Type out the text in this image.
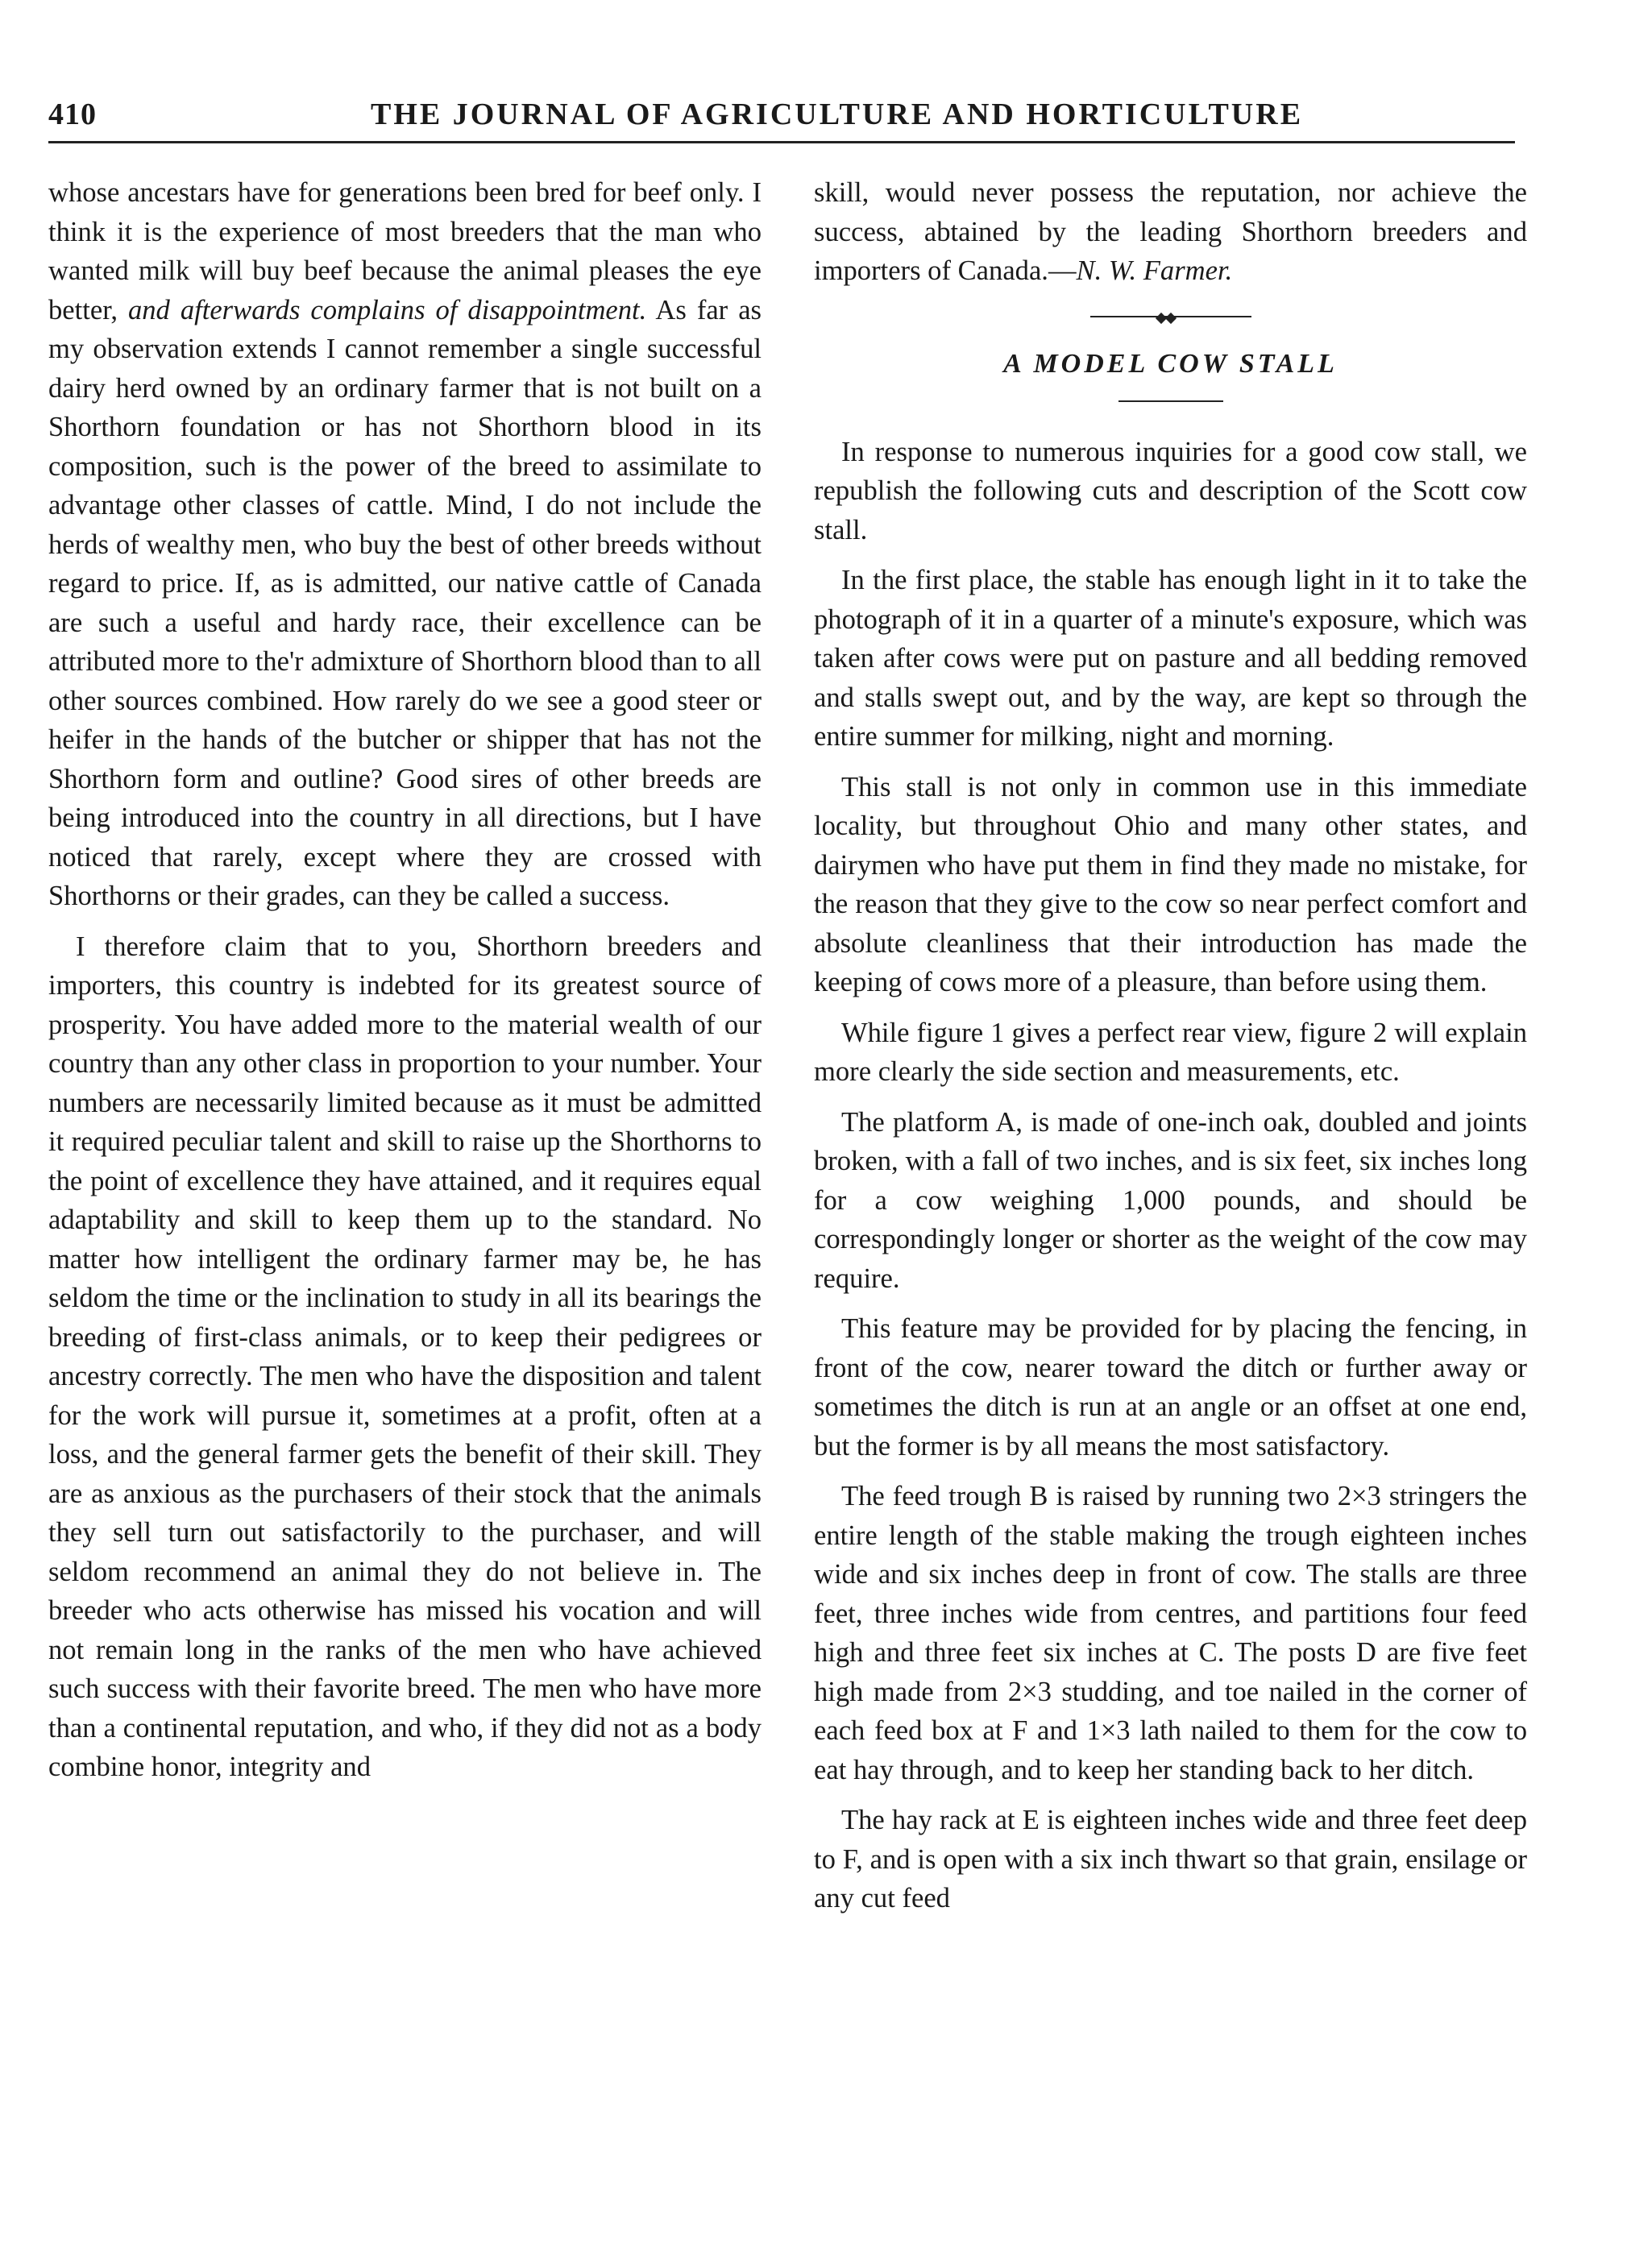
410	THE JOURNAL OF AGRICULTURE AND HORTICULTURE

whose ancestars have for generations been bred for beef only. I think it is the experience of most breeders that the man who wanted milk will buy beef because the animal pleases the eye better, and afterwards complains of disappointment. As far as my observation extends I cannot remember a single successful dairy herd owned by an ordinary farmer that is not built on a Shorthorn foundation or has not Shorthorn blood in its composition, such is the power of the breed to assimilate to advantage other classes of cattle. Mind, I do not include the herds of wealthy men, who buy the best of other breeds without regard to price. If, as is admitted, our native cattle of Canada are such a useful and hardy race, their excellence can be attributed more to the'r admixture of Shorthorn blood than to all other sources combined. How rarely do we see a good steer or heifer in the hands of the butcher or shipper that has not the Shorthorn form and outline? Good sires of other breeds are being introduced into the country in all directions, but I have noticed that rarely, except where they are crossed with Shorthorns or their grades, can they be called a success.

I therefore claim that to you, Shorthorn breeders and importers, this country is indebted for its greatest source of prosperity. You have added more to the material wealth of our country than any other class in proportion to your number. Your numbers are necessarily limited because as it must be admitted it required peculiar talent and skill to raise up the Shorthorns to the point of excellence they have attained, and it requires equal adaptability and skill to keep them up to the standard. No matter how intelligent the ordinary farmer may be, he has seldom the time or the inclination to study in all its bearings the breeding of first-class animals, or to keep their pedigrees or ancestry correctly. The men who have the disposition and talent for the work will pursue it, sometimes at a profit, often at a loss, and the general farmer gets the benefit of their skill. They are as anxious as the purchasers of their stock that the animals they sell turn out satisfactorily to the purchaser, and will seldom recommend an animal they do not believe in. The breeder who acts otherwise has missed his vocation and will not remain long in the ranks of the men who have achieved such success with their favorite breed. The men who have more than a continental reputation, and who, if they did not as a body combine honor, integrity and

skill, would never possess the reputation, nor achieve the success, abtained by the leading Shorthorn breeders and importers of Canada.—N. W. Farmer.

A MODEL COW STALL

In response to numerous inquiries for a good cow stall, we republish the following cuts and description of the Scott cow stall.

In the first place, the stable has enough light in it to take the photograph of it in a quarter of a minute's exposure, which was taken after cows were put on pasture and all bedding removed and stalls swept out, and by the way, are kept so through the entire summer for milking, night and morning.

This stall is not only in common use in this immediate locality, but throughout Ohio and many other states, and dairymen who have put them in find they made no mistake, for the reason that they give to the cow so near perfect comfort and absolute cleanliness that their introduction has made the keeping of cows more of a pleasure, than before using them.

While figure 1 gives a perfect rear view, figure 2 will explain more clearly the side section and measurements, etc.

The platform A, is made of one-inch oak, doubled and joints broken, with a fall of two inches, and is six feet, six inches long for a cow weighing 1,000 pounds, and should be correspondingly longer or shorter as the weight of the cow may require.

This feature may be provided for by placing the fencing, in front of the cow, nearer toward the ditch or further away or sometimes the ditch is run at an angle or an offset at one end, but the former is by all means the most satisfactory.

The feed trough B is raised by running two 2×3 stringers the entire length of the stable making the trough eighteen inches wide and six inches deep in front of cow. The stalls are three feet, three inches wide from centres, and partitions four feed high and three feet six inches at C. The posts D are five feet high made from 2×3 studding, and toe nailed in the corner of each feed box at F and 1×3 lath nailed to them for the cow to eat hay through, and to keep her standing back to her ditch.

The hay rack at E is eighteen inches wide and three feet deep to F, and is open with a six inch thwart so that grain, ensilage or any cut feed
